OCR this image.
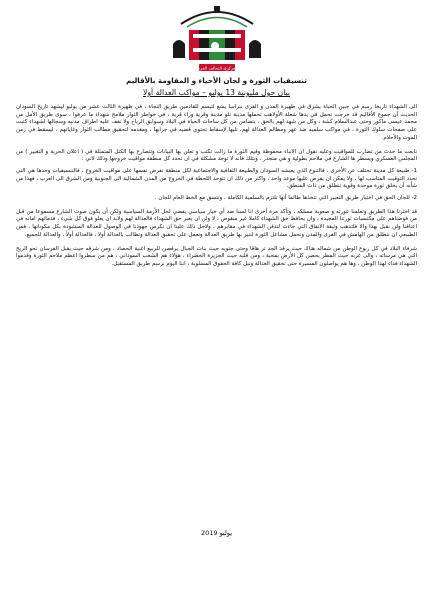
المركزي التحالف الحرب
تنسيقيات الثورة و لجان الأحياء و المقاومة بالأقاليم
بيان حول مليونية 13 يوليو – مواكب العدالة أولا

الى الشهداء تاريخا رسم في جبين الحياة يشرق في ظهيرة المدن و القرى نبراسا يشع لتيسم للقادمين طريق النجاة ، في ظهيرة الثالث عشر من يوليو ليشهد تاريخ السودان الحديث أن جموع الأقاليم قد خرجت تحمل في يدها شعلة الأولاهب تحملها مدينة تلو مدينة وقرية وراء قرية ، في خواطر الثوار ملامح شهداء ما عرفوا ، سوى طريق الأمل من محمد عيسى ماكور وحتى عبدالسلام كشة ، وكل من شهد لهم بالحق ، بتضامن من كل ساحات الحياة في البلاد وسوابق الرياح ولا نقف عليه اطراف مدنيه وسجالها لشهداء كتبت على صفحات سلوك الثورة ، في مواكب سلميه ضد عهر ومظالم العدالة لهم، تليها لإسقاط تحتوي قضيه في جرابها ، ومقدمه لتحقيق مطالب الثوار وغاياتهم ، ليسقط في زمن الموت والأحلام.

تابعت ما حدث من تضارب للمواقيت وعليه نقول ان الانباء محفوظة وقيم الثورة ما زالت تكتب و تعلن بها البيانات وتتصارع بها الكتل المتمثلة في ( اعلان الحرية و التغيير ) من المجلس العسكري ويسطر ها الشارع في ملاحم بطولية و هي متجذر ، وبتلك فانه لا توجد مشكلة في ان تحدد كل منطقة مواقيت خروجها وذلك لاتي :

1- طبيعة كل مدينة تختلف عن الأخرى ، فالتنوع الذي يعيشه السودان والطبيعة الثقافية والاجتماعية لكل منطقة تفرض نفسها على مواقيت الخروج ، فالتنسيقيات وحدها هي التي تحدد التوقيت المناسب لها ، ولا يمكن ان يفرض عليها موعد واحد ، واكثر من ذلك ان تتوحد اللحظة في الخروج من المدن الشمالية الى الجنوبية ومن الشرق الى الغرب ، فهذا من شأنه أن يخلق ثورة موحدة وقوية تنطلق من ذات المنطق.

2- للجان الحق في اختيار طريق التعبير التي تتخذها طالما أنها تلتزم بالسلمية الكاملة ، وتتسق مع الخط العام للجان .

قد اخترنا هذا الطريق وتعلمنا عورته و صعوبة مسلكه ، وتأكد مرة أخرى انا لسنا ضد أي خيار سياسي يفضي لحل الأزمة السياسية ولكن أن يكون صوت الشارع مسموعا من قبل من فوضناهم على مكتسبات ثورتنا المجيدة ، وان يحافظ حق الشهداء كاملا غير منقوص ، لا ولن ان يعبر حق الشهداء فالعدالة لهم ولابد ان يعلو فوق كل شيء ، فدمائهم امانه في اعناقنا ولن نقبل بهذا والا فلتذهب وثيقة الاتفاق التي جاءت لتدفن الشهداء في مقابرهم ، ولاجل ذلك علينا ان نكرس جهودنا في الوصول للعدالة المنشودة بكل مكوناتها ، فمن الطبيعي ان ننطلق من الهامش في القرى والمدن ونحمل مشاعل الثورة لننير بها طريق العدالة ونعمل على تحقيق العدالة ونطالب بالعدالة أولا ، فالعدالة أولاً ، والعدالة للجميع.

شرفاء البلاد في كل ربوع الوطن من شماله هناك حيث يرقد الجد تر هاقا وحتى جنوبه حيث بنات الجبال يرقصن للربيع اغنية الحصاد ، ومن شرقه حيث يقبل الفرسان نحو الريح التي هي مرساته ، والى غربه حيث المطر يحضن كل الأرض بمحبة ، ومن قلبه حيث الجزيرة الخضراء ، هؤلاء هم الشعب السوداني ، هم من سطروا اعظم ملاحم الثورة وقدموا الشهداء فداء لهذا الوطن ، وها هم يواصلون المسيرة حتى تحقيق العدالة ونيل كافة الحقوق المسلوبة ، اننا اليوم نرسم طريق المستقبل.

يوليو 2019
